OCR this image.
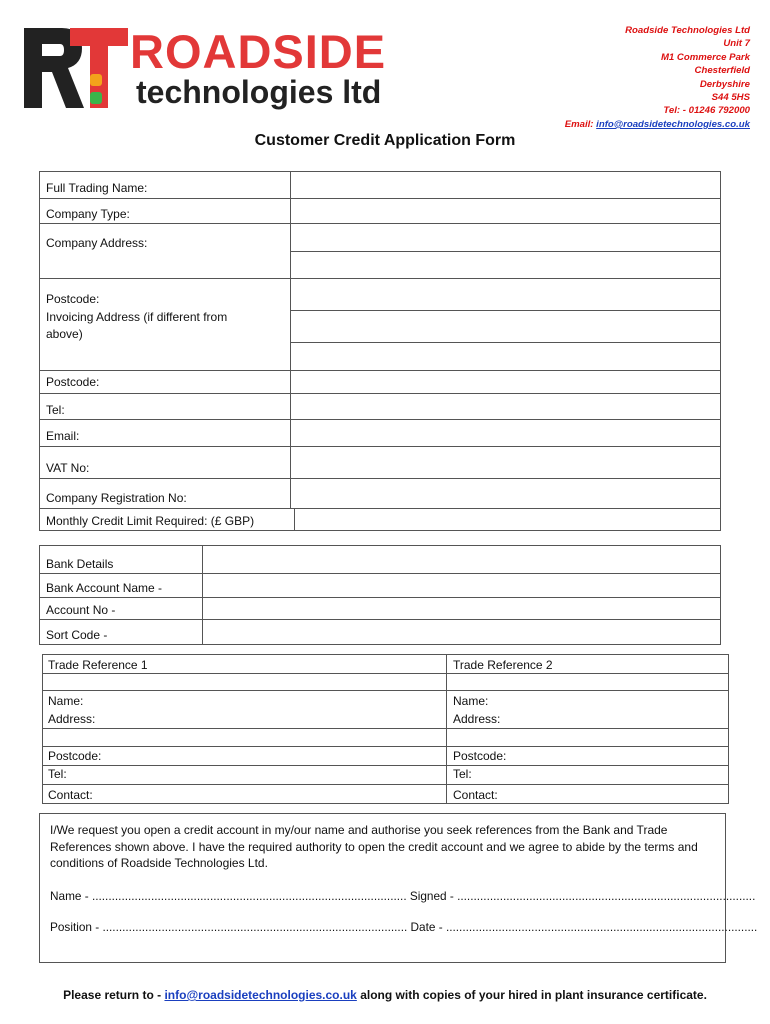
ROADSIDE
technologies ltd
Roadside Technologies Ltd
Unit 7
M1 Commerce Park
Chesterfield
Derbyshire
S44 5HS
Tel: - 01246 792000
Email: info@roadsidetechnologies.co.uk
Customer Credit Application Form
Full Trading Name:
Company Type:
Company Address:
Postcode:
Invoicing Address (if different from
above)
Postcode:
Tel:
Email:
VAT No:
Company Registration No:
Monthly Credit Limit Required: (£ GBP)
Bank Details
Bank Account Name -
Account No -
Sort Code -
Trade Reference 1	Trade Reference 2
Name:	Name:
Address:	Address:
Postcode:	Postcode:
Tel:	Tel:
Contact:	Contact:
I/We request you open a credit account in my/our name and authorise you seek references from the Bank and Trade References shown above. I have the required authority to open the credit account and we agree to abide by the terms and conditions of Roadside Technologies Ltd.
Name - ................................................................................................ Signed - ...........................................................................................
Position - ............................................................................................. Date - ...............................................................................................
Please return to - info@roadsidetechnologies.co.uk along with copies of your hired in plant insurance certificate.
